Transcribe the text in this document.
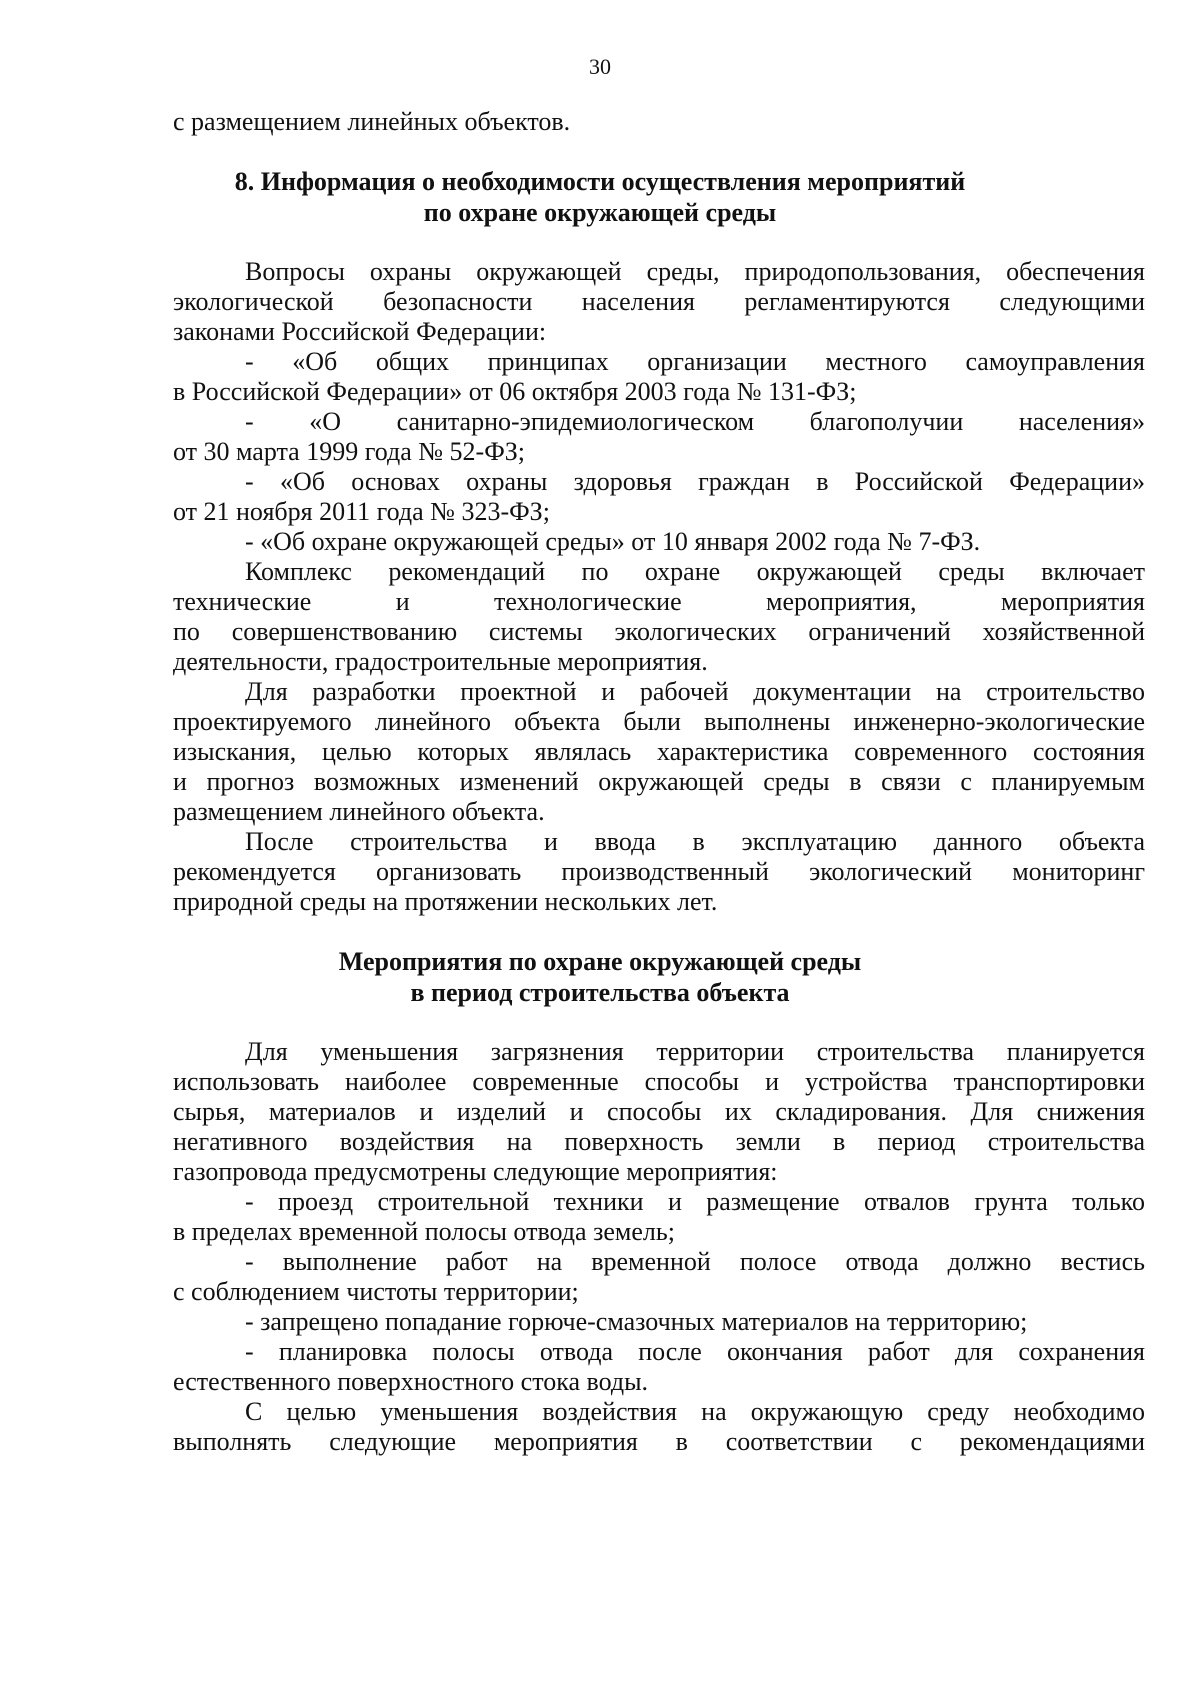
30
с размещением линейных объектов.
8. Информация о необходимости осуществления мероприятий
по охране окружающей среды
Вопросы охраны окружающей среды, природопользования, обеспечения
экологической безопасности населения регламентируются следующими
законами Российской Федерации:
- «Об общих принципах организации местного самоуправления
в Российской Федерации» от 06 октября 2003 года № 131-ФЗ;
- «О санитарно-эпидемиологическом благополучии населения»
от 30 марта 1999 года № 52-ФЗ;
- «Об основах охраны здоровья граждан в Российской Федерации»
от 21 ноября 2011 года № 323-ФЗ;
- «Об охране окружающей среды» от 10 января 2002 года № 7-ФЗ.
Комплекс рекомендаций по охране окружающей среды включает
технические и технологические мероприятия, мероприятия
по совершенствованию системы экологических ограничений хозяйственной
деятельности, градостроительные мероприятия.
Для разработки проектной и рабочей документации на строительство
проектируемого линейного объекта были выполнены инженерно-экологические
изыскания, целью которых являлась характеристика современного состояния
и прогноз возможных изменений окружающей среды в связи с планируемым
размещением линейного объекта.
После строительства и ввода в эксплуатацию данного объекта
рекомендуется организовать производственный экологический мониторинг
природной среды на протяжении нескольких лет.
Мероприятия по охране окружающей среды
в период строительства объекта
Для уменьшения загрязнения территории строительства планируется
использовать наиболее современные способы и устройства транспортировки
сырья, материалов и изделий и способы их складирования. Для снижения
негативного воздействия на поверхность земли в период строительства
газопровода предусмотрены следующие мероприятия:
- проезд строительной техники и размещение отвалов грунта только
в пределах временной полосы отвода земель;
- выполнение работ на временной полосе отвода должно вестись
с соблюдением чистоты территории;
- запрещено попадание горюче-смазочных материалов на территорию;
- планировка полосы отвода после окончания работ для сохранения
естественного поверхностного стока воды.
С целью уменьшения воздействия на окружающую среду необходимо
выполнять следующие мероприятия в соответствии с рекомендациями
